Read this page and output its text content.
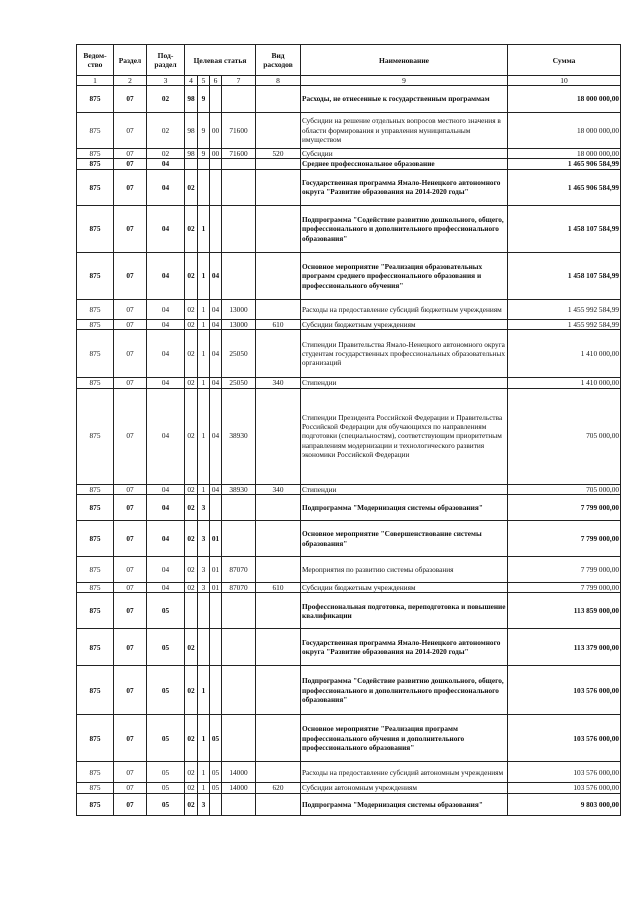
Ведом-ство	Раздел	Под-раздел	Целевая статья				Вид расходов	Наименование	Сумма
1	2	3	4	5	6	7	8	9	10
875	07	02	98	9				Расходы, не отнесенные к государственным программам	18 000 000,00
875	07	02	98	9	00	71600		Субсидии на решение отдельных вопросов местного значения в области формирования и управления муниципальным имуществом	18 000 000,00
875	07	02	98	9	00	71600	520	Субсидии	18 000 000,00
875	07	04						Среднее профессиональное образование	1 465 906 584,99
875	07	04	02					Государственная программа Ямало-Ненецкого автономного округа "Развитие образования на 2014-2020 годы"	1 465 906 584,99
875	07	04	02	1				Подпрограмма "Содействие развитию дошкольного, общего, профессионального и дополнительного профессионального образования"	1 458 107 584,99
875	07	04	02	1	04			Основное мероприятие "Реализация образовательных программ среднего профессионального образования и профессионального обучения"	1 458 107 584,99
875	07	04	02	1	04	13000		Расходы на предоставление субсидий бюджетным учреждениям	1 455 992 584,99
875	07	04	02	1	04	13000	610	Субсидии бюджетным учреждениям	1 455 992 584,99
875	07	04	02	1	04	25050		Стипендии Правительства Ямало-Ненецкого автономного округа студентам государственных профессиональных образовательных организаций	1 410 000,00
875	07	04	02	1	04	25050	340	Стипендии	1 410 000,00
875	07	04	02	1	04	38930		Стипендии Президента Российской Федерации и Правительства Российской Федерации для обучающихся по направлениям подготовки (специальностям), соответствующим приоритетным направлениям модернизации и технологического развития экономики Российской Федерации	705 000,00
875	07	04	02	1	04	38930	340	Стипендии	705 000,00
875	07	04	02	3				Подпрограмма "Модернизация системы образования"	7 799 000,00
875	07	04	02	3	01			Основное мероприятие "Совершенствование системы образования"	7 799 000,00
875	07	04	02	3	01	87070		Мероприятия по развитию системы образования	7 799 000,00
875	07	04	02	3	01	87070	610	Субсидии бюджетным учреждениям	7 799 000,00
875	07	05						Профессиональная подготовка, переподготовка и повышение квалификации	113 859 000,00
875	07	05	02					Государственная программа Ямало-Ненецкого автономного округа "Развитие образования на 2014-2020 годы"	113 379 000,00
875	07	05	02	1				Подпрограмма "Содействие развитию дошкольного, общего, профессионального и дополнительного профессионального образования"	103 576 000,00
875	07	05	02	1	05			Основное мероприятие "Реализация программ профессионального обучения и дополнительного профессионального образования"	103 576 000,00
875	07	05	02	1	05	14000		Расходы на предоставление субсидий автономным учреждениям	103 576 000,00
875	07	05	02	1	05	14000	620	Субсидии автономным учреждениям	103 576 000,00
875	07	05	02	3				Подпрограмма "Модернизация системы образования"	9 803 000,00
